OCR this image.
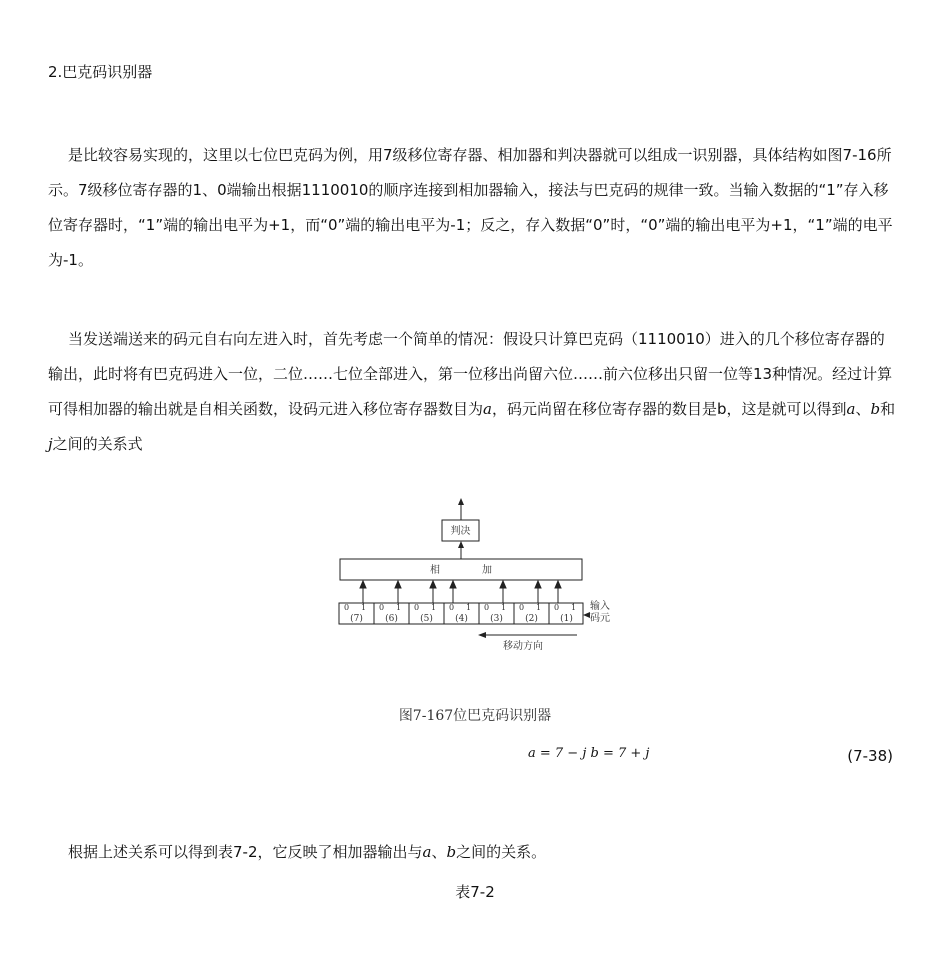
2.巴克码识别器
是比较容易实现的，这里以七位巴克码为例，用7级移位寄存器、相加器和判决器就可以组成一识别器，具体结构如图7-16所示。7级移位寄存器的1、0端输出根据1110010的顺序连接到相加器输入，接法与巴克码的规律一致。当输入数据的“1”存入移位寄存器时，“1”端的输出电平为+1，而“0”端的输出电平为-1；反之，存入数据“0”时，“0”端的输出电平为+1，“1”端的电平为-1。
当发送端送来的码元自右向左进入时，首先考虑一个简单的情况：假设只计算巴克码（1110010）进入的几个移位寄存器的输出，此时将有巴克码进入一位，二位……七位全部进入，第一位移出尚留六位……前六位移出只留一位等13种情况。经过计算可得相加器的输出就是自相关函数，设码元进入移位寄存器数目为a，码元尚留在移位寄存器的数目是b，这是就可以得到a、b和j之间的关系式
判决
相	加
0 1 0 1 0 1 0 1 0 1 0 1 0 1
(7) (6) (5) (4) (3) (2) (1)
输入
码元
移动方向
图7-167位巴克码识别器
a = 7 − j b = 7 + j	(7-38)
根据上述关系可以得到表7-2，它反映了相加器输出与a、b之间的关系。
表7-2
